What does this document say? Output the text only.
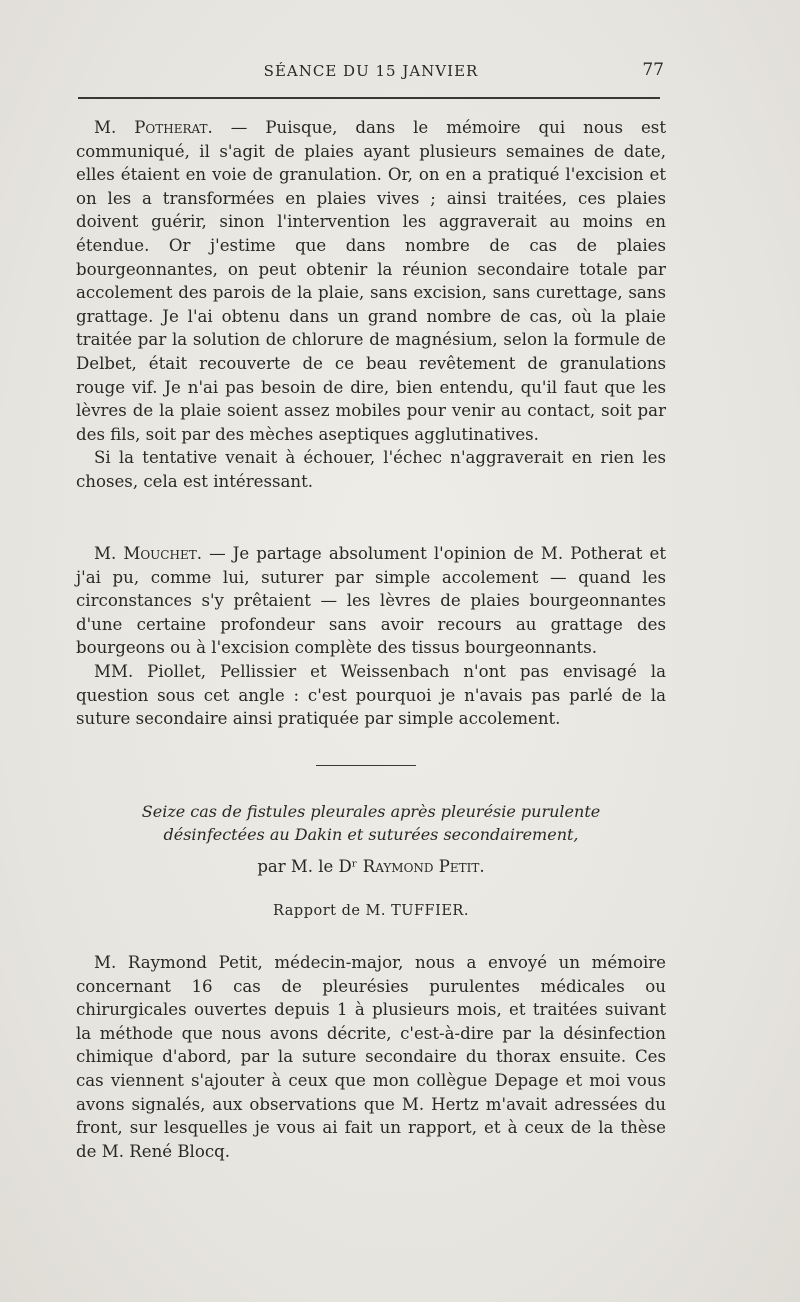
SÉANCE DU 15 JANVIER	77

M. Potherat. — Puisque, dans le mémoire qui nous est communiqué, il s'agit de plaies ayant plusieurs semaines de date, elles étaient en voie de granulation. Or, on en a pratiqué l'excision et on les a transformées en plaies vives ; ainsi traitées, ces plaies doivent guérir, sinon l'intervention les aggraverait au moins en étendue. Or j'estime que dans nombre de cas de plaies bourgeonnantes, on peut obtenir la réunion secondaire totale par accolement des parois de la plaie, sans excision, sans curettage, sans grattage. Je l'ai obtenu dans un grand nombre de cas, où la plaie traitée par la solution de chlorure de magnésium, selon la formule de Delbet, était recouverte de ce beau revêtement de granulations rouge vif. Je n'ai pas besoin de dire, bien entendu, qu'il faut que les lèvres de la plaie soient assez mobiles pour venir au contact, soit par des fils, soit par des mèches aseptiques agglutinatives.

Si la tentative venait à échouer, l'échec n'aggraverait en rien les choses, cela est intéressant.

M. Mouchet. — Je partage absolument l'opinion de M. Potherat et j'ai pu, comme lui, suturer par simple accolement — quand les circonstances s'y prêtaient — les lèvres de plaies bourgeonnantes d'une certaine profondeur sans avoir recours au grattage des bourgeons ou à l'excision complète des tissus bourgeonnants.

MM. Piollet, Pellissier et Weissenbach n'ont pas envisagé la question sous cet angle : c'est pourquoi je n'avais pas parlé de la suture secondaire ainsi pratiquée par simple accolement.

Seize cas de fistules pleurales après pleurésie purulente
désinfectées au Dakin et suturées secondairement,
par M. le Dʳ Raymond Petit.
Rapport de M. TUFFIER.

M. Raymond Petit, médecin-major, nous a envoyé un mémoire concernant 16 cas de pleurésies purulentes médicales ou chirurgicales ouvertes depuis 1 à plusieurs mois, et traitées suivant la méthode que nous avons décrite, c'est-à-dire par la désinfection chimique d'abord, par la suture secondaire du thorax ensuite. Ces cas viennent s'ajouter à ceux que mon collègue Depage et moi vous avons signalés, aux observations que M. Hertz m'avait adressées du front, sur lesquelles je vous ai fait un rapport, et à ceux de la thèse de M. René Blocq.
